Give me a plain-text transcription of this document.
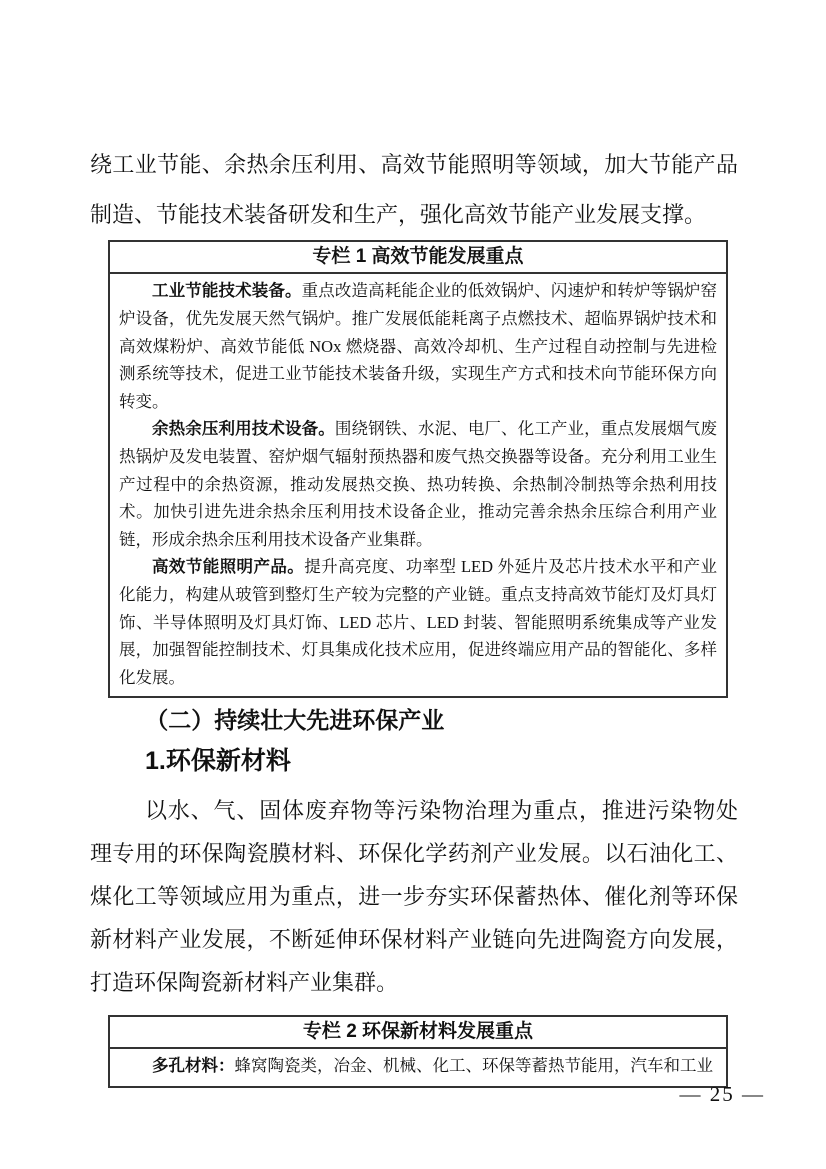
绕工业节能、余热余压利用、高效节能照明等领域，加大节能产品制造、节能技术装备研发和生产，强化高效节能产业发展支撑。

专栏 1 高效节能发展重点

工业节能技术装备。重点改造高耗能企业的低效锅炉、闪速炉和转炉等锅炉窑炉设备，优先发展天然气锅炉。推广发展低能耗离子点燃技术、超临界锅炉技术和高效煤粉炉、高效节能低 NOx 燃烧器、高效冷却机、生产过程自动控制与先进检测系统等技术，促进工业节能技术装备升级，实现生产方式和技术向节能环保方向转变。

余热余压利用技术设备。围绕钢铁、水泥、电厂、化工产业，重点发展烟气废热锅炉及发电装置、窑炉烟气辐射预热器和废气热交换器等设备。充分利用工业生产过程中的余热资源，推动发展热交换、热功转换、余热制冷制热等余热利用技术。加快引进先进余热余压利用技术设备企业，推动完善余热余压综合利用产业链，形成余热余压利用技术设备产业集群。

高效节能照明产品。提升高亮度、功率型 LED 外延片及芯片技术水平和产业化能力，构建从玻管到整灯生产较为完整的产业链。重点支持高效节能灯及灯具灯饰、半导体照明及灯具灯饰、LED 芯片、LED 封装、智能照明系统集成等产业发展，加强智能控制技术、灯具集成化技术应用，促进终端应用产品的智能化、多样化发展。

（二）持续壮大先进环保产业
1.环保新材料

以水、气、固体废弃物等污染物治理为重点，推进污染物处理专用的环保陶瓷膜材料、环保化学药剂产业发展。以石油化工、煤化工等领域应用为重点，进一步夯实环保蓄热体、催化剂等环保新材料产业发展，不断延伸环保材料产业链向先进陶瓷方向发展，打造环保陶瓷新材料产业集群。

专栏 2 环保新材料发展重点

多孔材料：蜂窝陶瓷类，冶金、机械、化工、环保等蓄热节能用，汽车和工业

— 25 —
